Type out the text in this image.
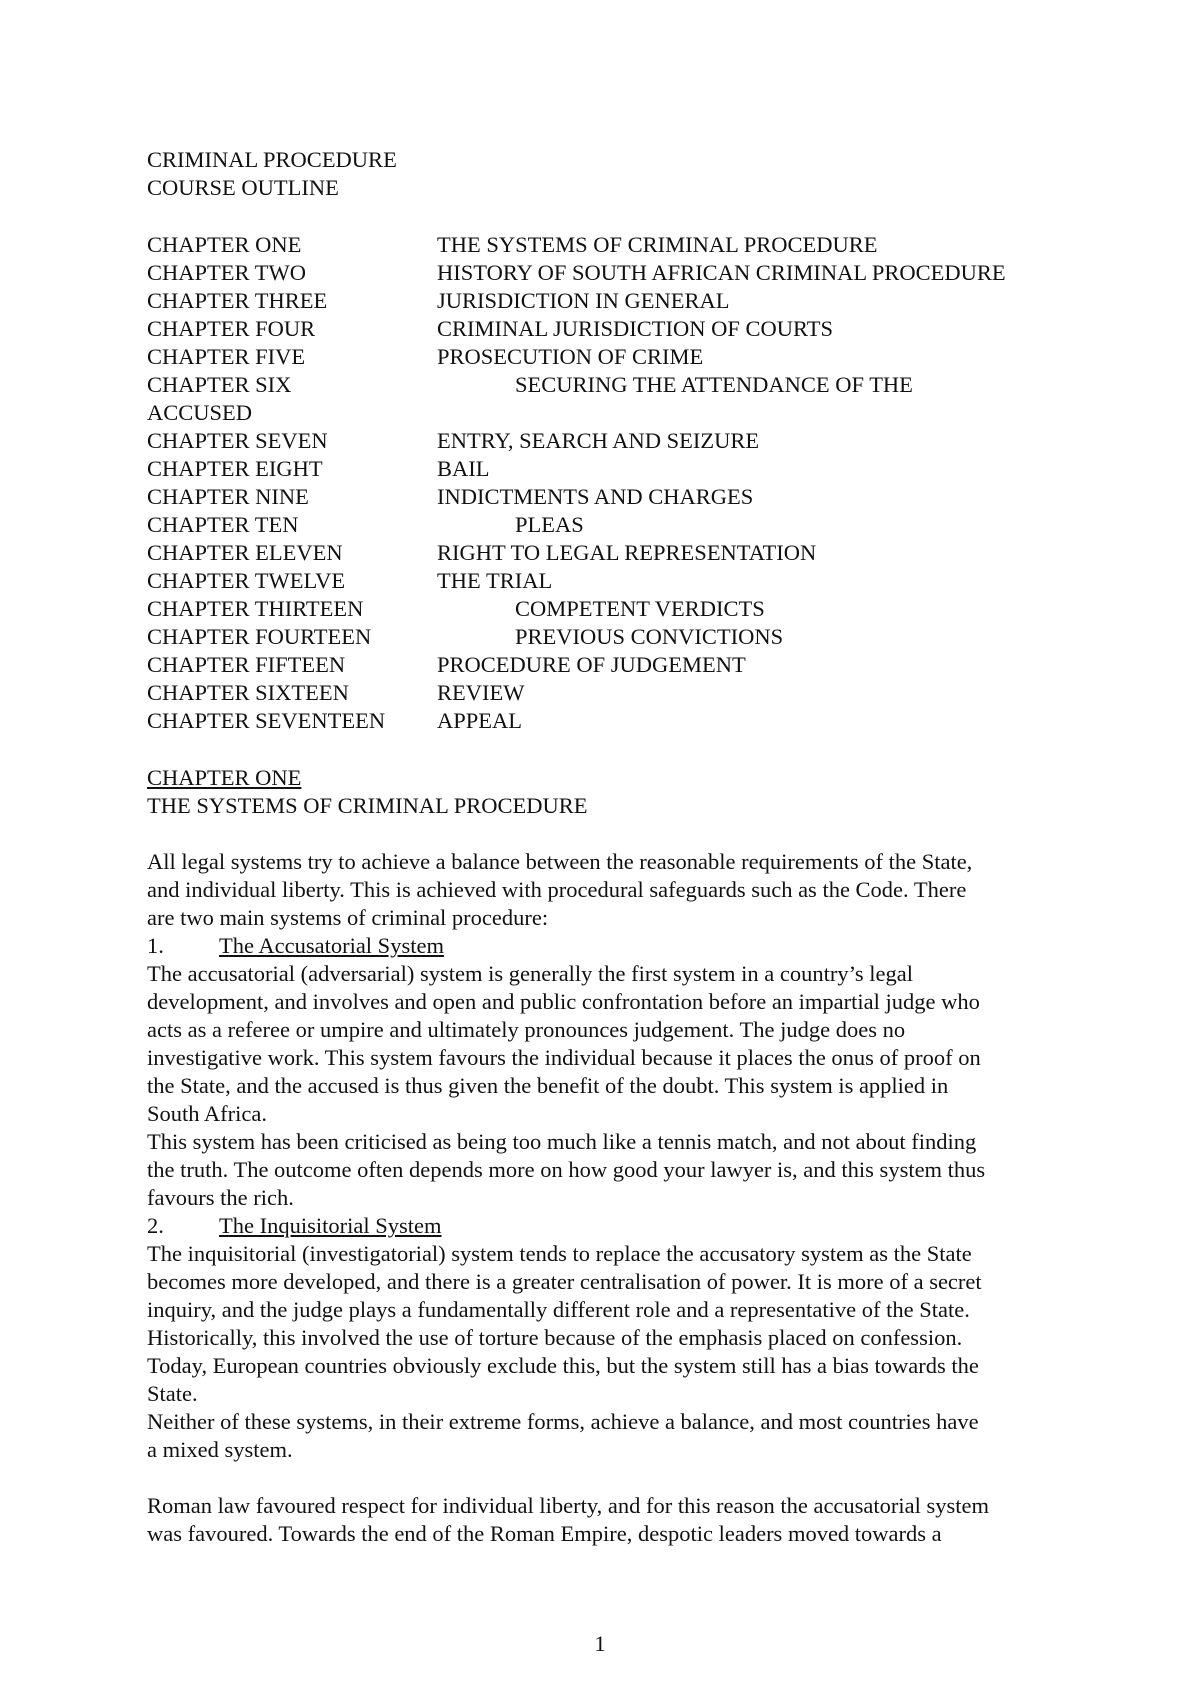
CRIMINAL PROCEDURE
COURSE OUTLINE
CHAPTER ONE	THE SYSTEMS OF CRIMINAL PROCEDURE
CHAPTER TWO	HISTORY OF SOUTH AFRICAN CRIMINAL PROCEDURE
CHAPTER THREE	JURISDICTION IN GENERAL
CHAPTER FOUR	CRIMINAL JURISDICTION OF COURTS
CHAPTER FIVE	PROSECUTION OF CRIME
CHAPTER SIX	SECURING THE ATTENDANCE OF THE
ACCUSED
CHAPTER SEVEN	ENTRY, SEARCH AND SEIZURE
CHAPTER EIGHT	BAIL
CHAPTER NINE	INDICTMENTS AND CHARGES
CHAPTER TEN	PLEAS
CHAPTER ELEVEN	RIGHT TO LEGAL REPRESENTATION
CHAPTER TWELVE	THE TRIAL
CHAPTER THIRTEEN	COMPETENT VERDICTS
CHAPTER FOURTEEN	PREVIOUS CONVICTIONS
CHAPTER FIFTEEN	PROCEDURE OF JUDGEMENT
CHAPTER SIXTEEN	REVIEW
CHAPTER SEVENTEEN APPEAL
CHAPTER ONE
THE SYSTEMS OF CRIMINAL PROCEDURE
All legal systems try to achieve a balance between the reasonable requirements of the State,
and individual liberty. This is achieved with procedural safeguards such as the Code. There
are two main systems of criminal procedure:
1. The Accusatorial System
The accusatorial (adversarial) system is generally the first system in a country’s legal
development, and involves and open and public confrontation before an impartial judge who
acts as a referee or umpire and ultimately pronounces judgement. The judge does no
investigative work. This system favours the individual because it places the onus of proof on
the State, and the accused is thus given the benefit of the doubt. This system is applied in
South Africa.
This system has been criticised as being too much like a tennis match, and not about finding
the truth. The outcome often depends more on how good your lawyer is, and this system thus
favours the rich.
2. The Inquisitorial System
The inquisitorial (investigatorial) system tends to replace the accusatory system as the State
becomes more developed, and there is a greater centralisation of power. It is more of a secret
inquiry, and the judge plays a fundamentally different role and a representative of the State.
Historically, this involved the use of torture because of the emphasis placed on confession.
Today, European countries obviously exclude this, but the system still has a bias towards the
State.
Neither of these systems, in their extreme forms, achieve a balance, and most countries have
a mixed system.
Roman law favoured respect for individual liberty, and for this reason the accusatorial system
was favoured. Towards the end of the Roman Empire, despotic leaders moved towards a
1
